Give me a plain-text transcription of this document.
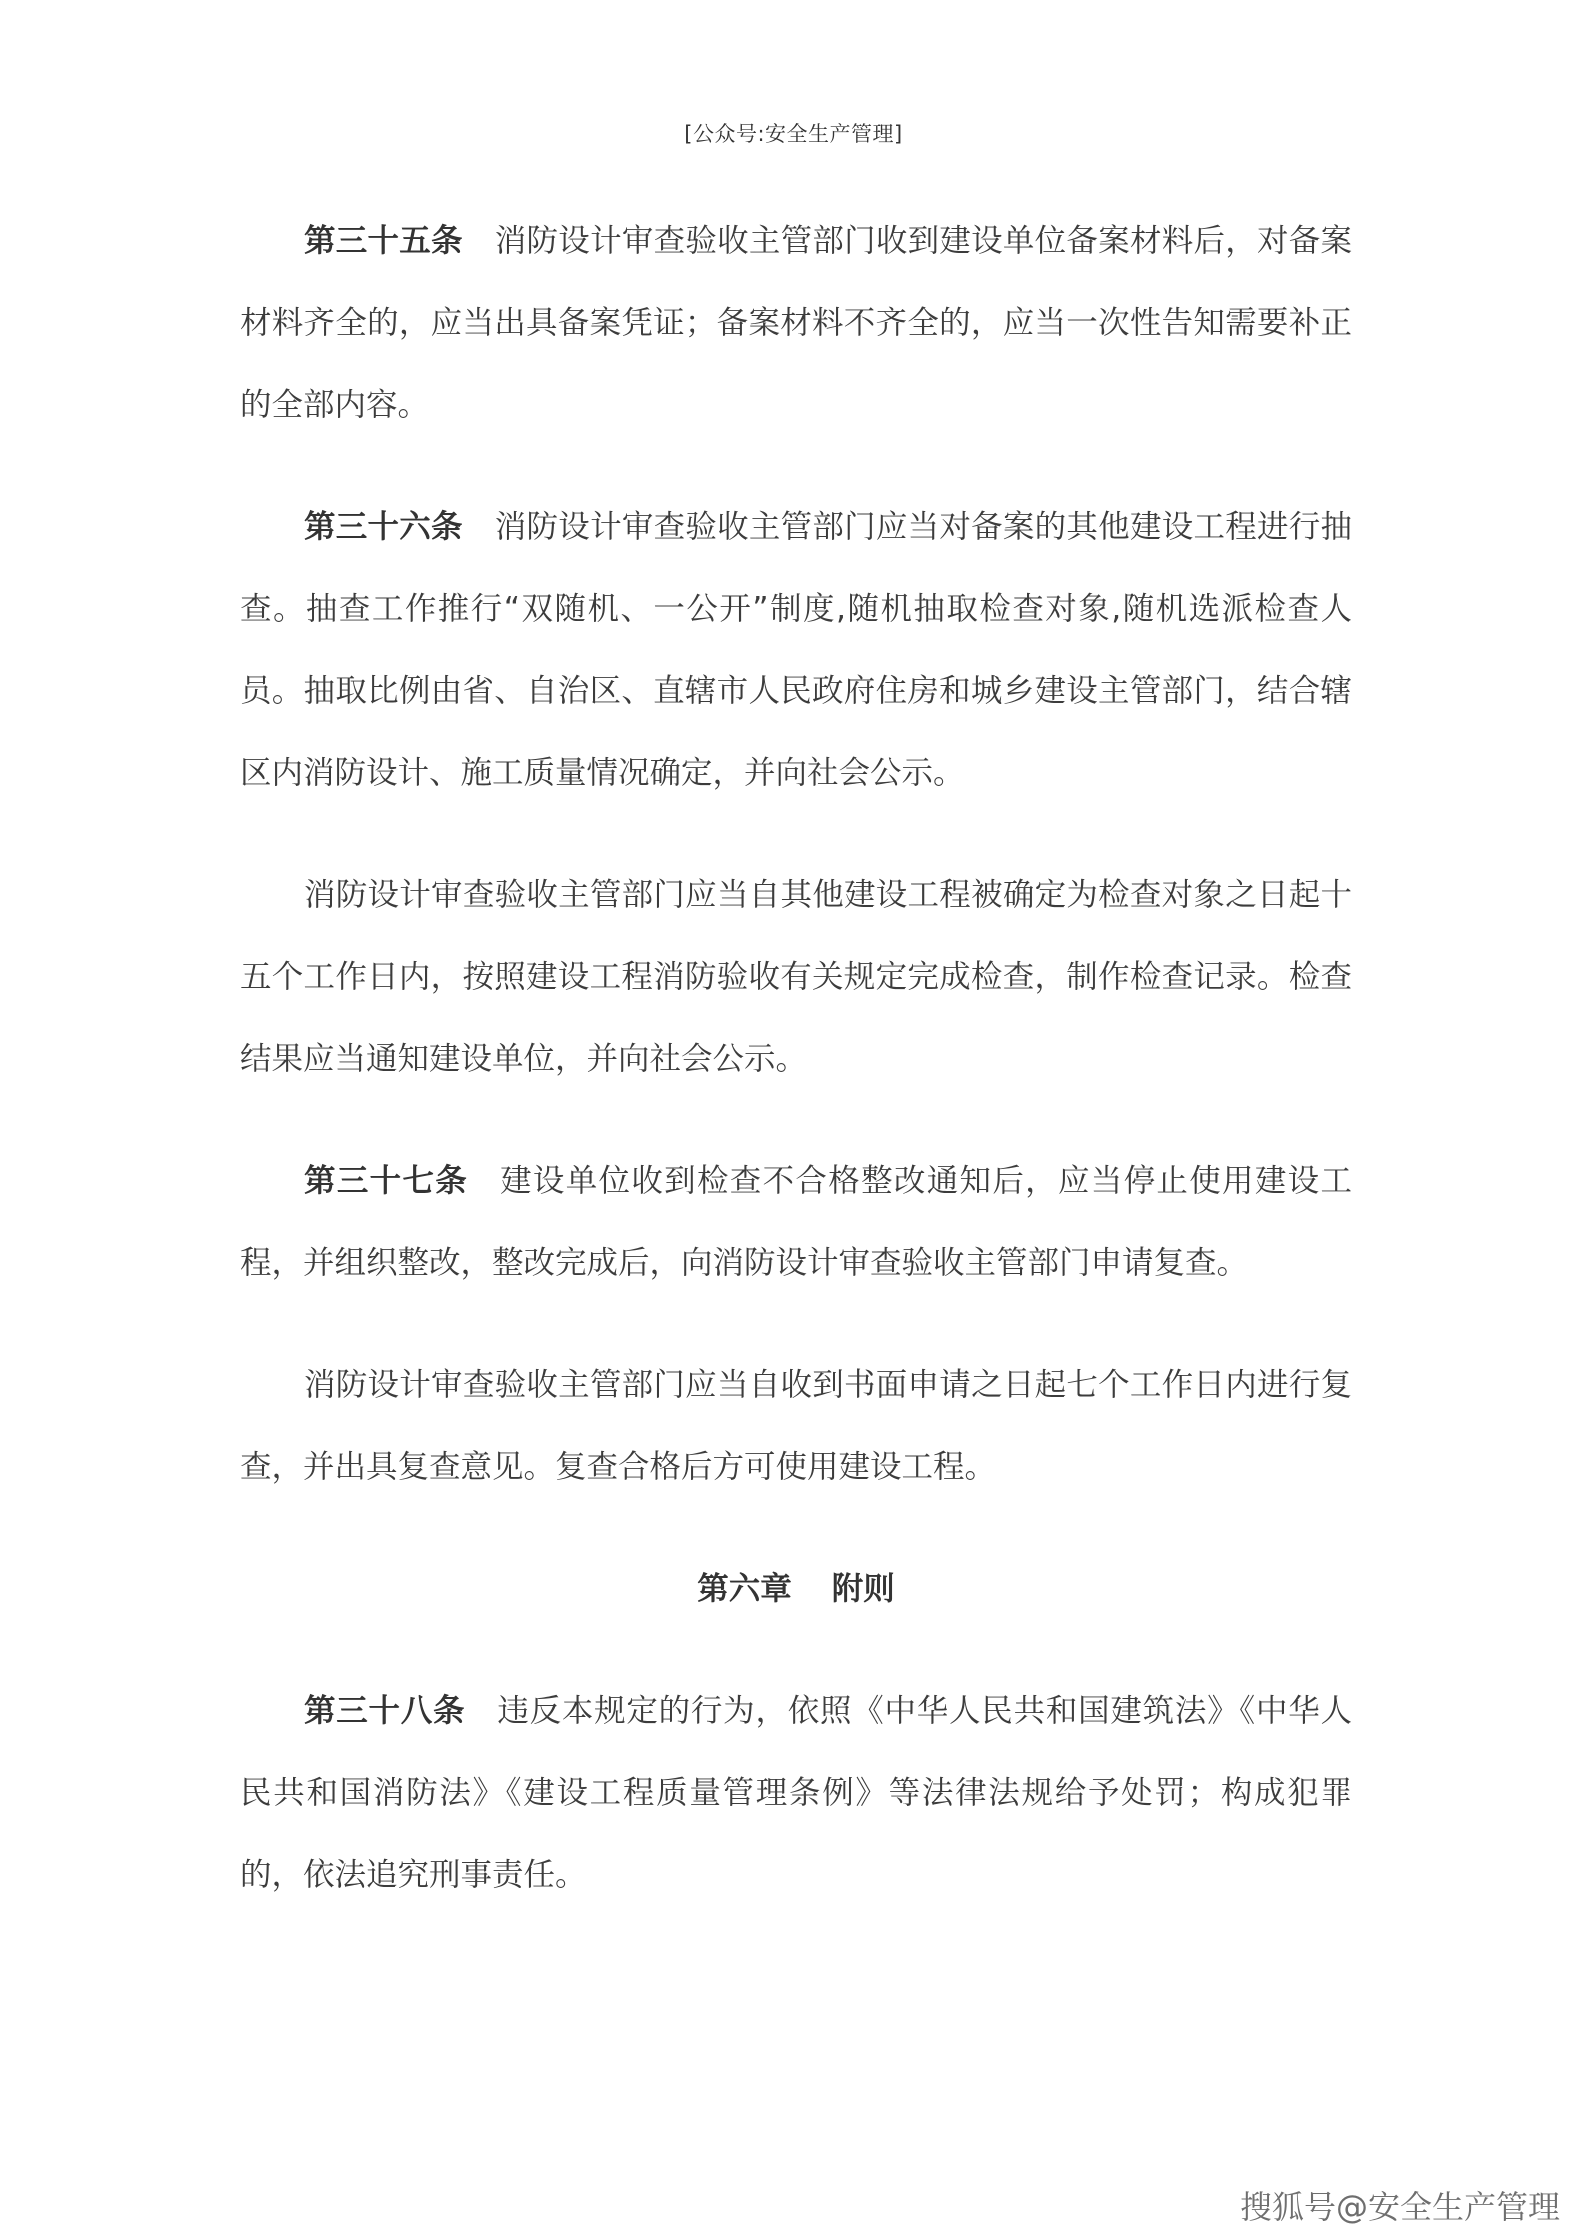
[公众号:安全生产管理]

第三十五条 消防设计审查验收主管部门收到建设单位备案材料后，对备案材料齐全的，应当出具备案凭证；备案材料不齐全的，应当一次性告知需要补正的全部内容。

第三十六条 消防设计审查验收主管部门应当对备案的其他建设工程进行抽查。抽查工作推行“双随机、一公开”制度,随机抽取检查对象,随机选派检查人员。抽取比例由省、自治区、直辖市人民政府住房和城乡建设主管部门，结合辖区内消防设计、施工质量情况确定，并向社会公示。

消防设计审查验收主管部门应当自其他建设工程被确定为检查对象之日起十五个工作日内，按照建设工程消防验收有关规定完成检查，制作检查记录。检查结果应当通知建设单位，并向社会公示。

第三十七条 建设单位收到检查不合格整改通知后，应当停止使用建设工程，并组织整改，整改完成后，向消防设计审查验收主管部门申请复查。

消防设计审查验收主管部门应当自收到书面申请之日起七个工作日内进行复查，并出具复查意见。复查合格后方可使用建设工程。

第六章 附则

第三十八条 违反本规定的行为，依照《中华人民共和国建筑法》《中华人民共和国消防法》《建设工程质量管理条例》等法律法规给予处罚；构成犯罪的，依法追究刑事责任。

搜狐号@安全生产管理
